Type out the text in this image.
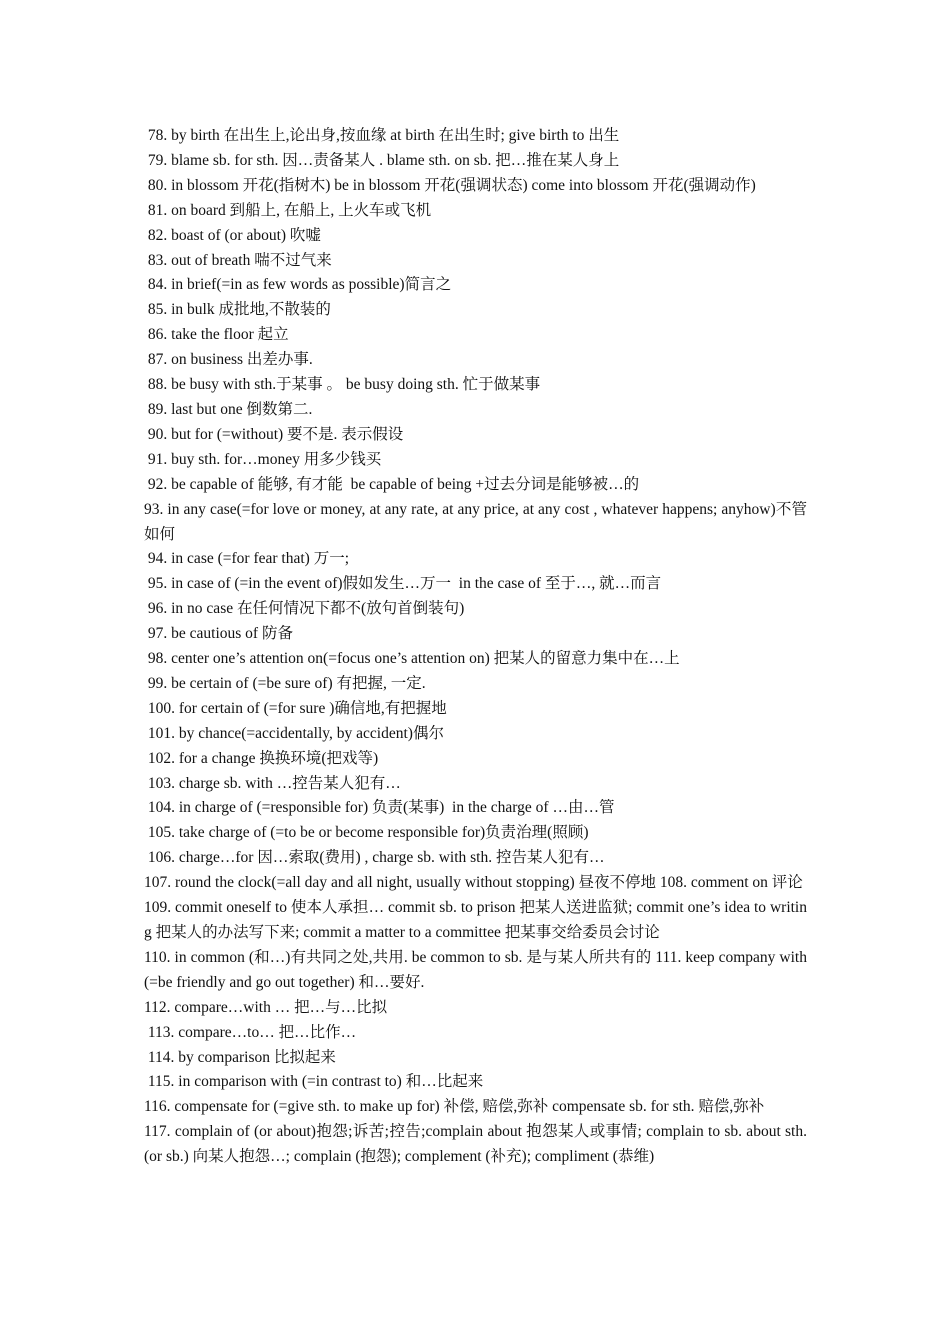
78. by birth 在出生上,论出身,按血缘 at birth 在出生时; give birth to 出生
79. blame sb. for sth. 因…责备某人 . blame sth. on sb. 把…推在某人身上
80. in blossom 开花(指树木) be in blossom 开花(强调状态) come into blossom 开花(强调动作)
81. on board 到船上, 在船上, 上火车或飞机
82. boast of (or about) 吹嘘
83. out of breath 喘不过气来
84. in brief(=in as few words as possible)简言之
85. in bulk 成批地,不散装的
86. take the floor 起立
87. on business 出差办事.
88. be busy with sth.于某事 。 be busy doing sth. 忙于做某事
89. last but one 倒数第二.
90. but for (=without) 要不是. 表示假设
91. buy sth. for…money 用多少钱买
92. be capable of 能够, 有才能  be capable of being +过去分词是能够被…的
93. in any case(=for love or money, at any rate, at any price, at any cost , whatever happens; anyhow)不管如何
94. in case (=for fear that) 万一;
95. in case of (=in the event of)假如发生…万一  in the case of 至于…, 就…而言
96. in no case 在任何情况下都不(放句首倒装句)
97. be cautious of 防备
98. center one’s attention on(=focus one’s attention on) 把某人的留意力集中在…上
99. be certain of (=be sure of) 有把握, 一定.
100. for certain of (=for sure )确信地,有把握地
101. by chance(=accidentally, by accident)偶尔
102. for a change 换换环境(把戏等)
103. charge sb. with …控告某人犯有…
104. in charge of (=responsible for) 负责(某事)  in the charge of …由…管
105. take charge of (=to be or become responsible for)负责治理(照顾)
106. charge…for 因…索取(费用) , charge sb. with sth. 控告某人犯有…
107. round the clock(=all day and all night, usually without stopping) 昼夜不停地 108. comment on 评论
109. commit oneself to 使本人承担… commit sb. to prison 把某人送进监狱; commit one’s idea to writing 把某人的办法写下来; commit a matter to a committee 把某事交给委员会讨论
110. in common (和…)有共同之处,共用. be common to sb. 是与某人所共有的 111. keep company with (=be friendly and go out together) 和…要好.
112. compare…with … 把…与…比拟
113. compare…to… 把…比作…
114. by comparison 比拟起来
115. in comparison with (=in contrast to) 和…比起来
116. compensate for (=give sth. to make up for) 补偿, 赔偿,弥补 compensate sb. for sth. 赔偿,弥补
117. complain of (or about)抱怨;诉苦;控告;complain about 抱怨某人或事情; complain to sb. about sth. (or sb.) 向某人抱怨…; complain (抱怨); complement (补充); compliment (恭维)
